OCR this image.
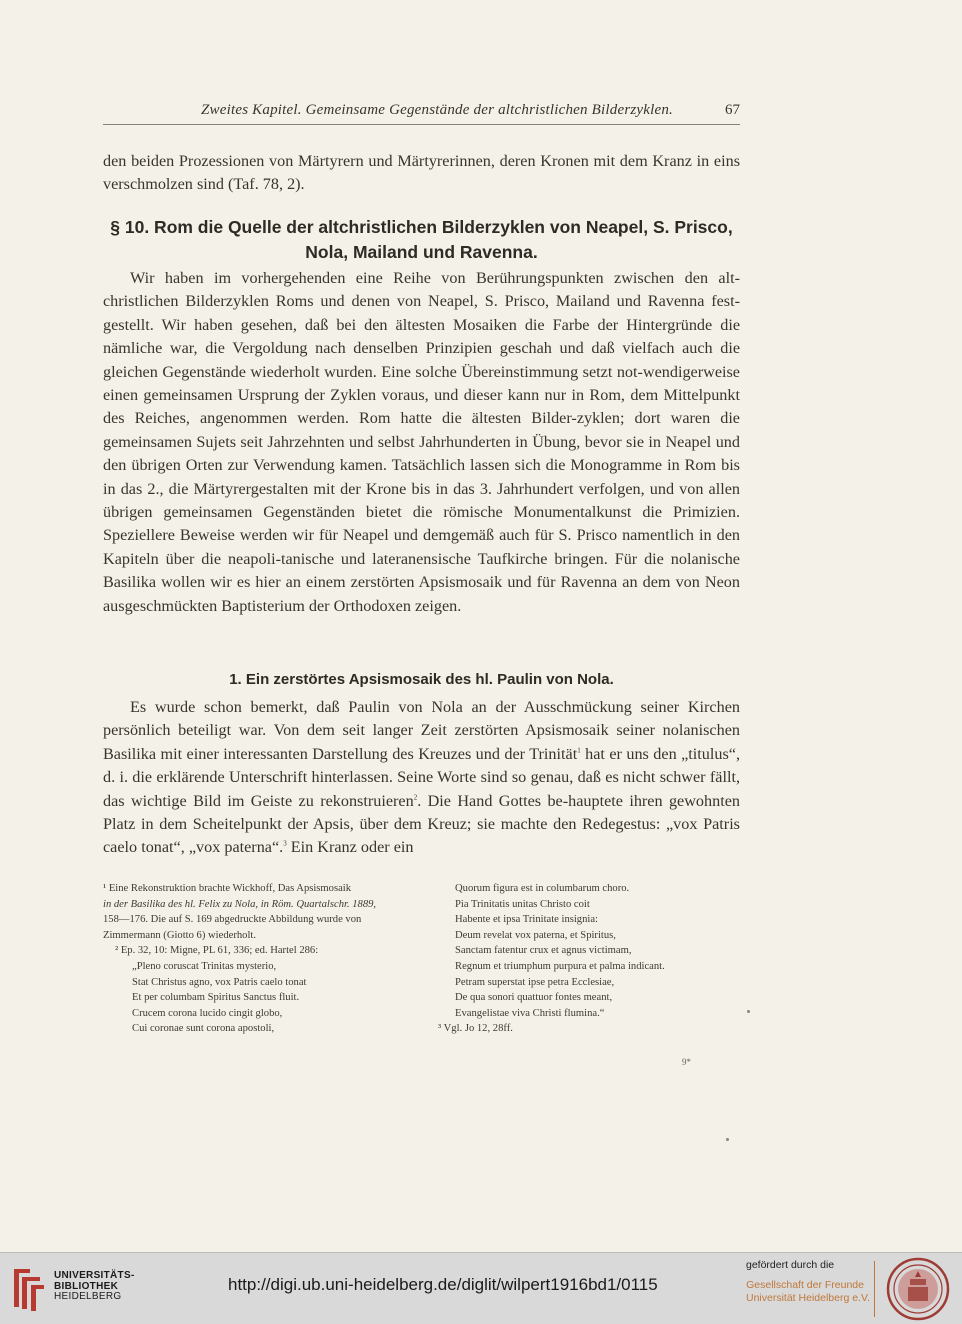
Zweites Kapitel. Gemeinsame Gegenstände der altchristlichen Bilderzyklen.	67

den beiden Prozessionen von Märtyrern und Märtyrerinnen, deren Kronen mit dem Kranz in eins verschmolzen sind (Taf. 78, 2).

§ 10. Rom die Quelle der altchristlichen Bilderzyklen von Neapel, S. Prisco,
Nola, Mailand und Ravenna.

Wir haben im vorhergehenden eine Reihe von Berührungspunkten zwischen den alt-christlichen Bilderzyklen Roms und denen von Neapel, S. Prisco, Mailand und Ravenna fest-gestellt. Wir haben gesehen, daß bei den ältesten Mosaiken die Farbe der Hintergründe die nämliche war, die Vergoldung nach denselben Prinzipien geschah und daß vielfach auch die gleichen Gegenstände wiederholt wurden. Eine solche Übereinstimmung setzt not-wendigerweise einen gemeinsamen Ursprung der Zyklen voraus, und dieser kann nur in Rom, dem Mittelpunkt des Reiches, angenommen werden. Rom hatte die ältesten Bilder-zyklen; dort waren die gemeinsamen Sujets seit Jahrzehnten und selbst Jahrhunderten in Übung, bevor sie in Neapel und den übrigen Orten zur Verwendung kamen. Tatsächlich lassen sich die Monogramme in Rom bis in das 2., die Märtyrergestalten mit der Krone bis in das 3. Jahrhundert verfolgen, und von allen übrigen gemeinsamen Gegenständen bietet die römische Monumentalkunst die Primizien. Speziellere Beweise werden wir für Neapel und demgemäß auch für S. Prisco namentlich in den Kapiteln über die neapoli-tanische und lateranensische Taufkirche bringen. Für die nolanische Basilika wollen wir es hier an einem zerstörten Apsismosaik und für Ravenna an dem von Neon ausgeschmückten Baptisterium der Orthodoxen zeigen.

1. Ein zerstörtes Apsismosaik des hl. Paulin von Nola.

Es wurde schon bemerkt, daß Paulin von Nola an der Ausschmückung seiner Kirchen persönlich beteiligt war. Von dem seit langer Zeit zerstörten Apsismosaik seiner nolanischen Basilika mit einer interessanten Darstellung des Kreuzes und der Trinität$^1$ hat er uns den „titulus“, d. i. die erklärende Unterschrift hinterlassen. Seine Worte sind so genau, daß es nicht schwer fällt, das wichtige Bild im Geiste zu rekonstruieren$^2$. Die Hand Gottes be-hauptete ihren gewohnten Platz in dem Scheitelpunkt der Apsis, über dem Kreuz; sie machte den Redegestus: „vox Patris caelo tonat“, „vox paterna“.$^3$ Ein Kranz oder ein

¹ Eine Rekonstruktion brachte Wickhoff, Das Apsismosaik
in der Basilika des hl. Felix zu Nola, in Röm. Quartalschr. 1889,
158—176. Die auf S. 169 abgedruckte Abbildung wurde von
Zimmermann (Giotto 6) wiederholt.
² Ep. 32, 10: Migne, PL 61, 336; ed. Hartel 286:
„Pleno coruscat Trinitas mysterio,
Stat Christus agno, vox Patris caelo tonat
Et per columbam Spiritus Sanctus fluit.
Crucem corona lucido cingit globo,
Cui coronae sunt corona apostoli,
Quorum figura est in columbarum choro.
Pia Trinitatis unitas Christo coit
Habente et ipsa Trinitate insignia:
Deum revelat vox paterna, et Spiritus,
Sanctam fatentur crux et agnus victimam,
Regnum et triumphum purpura et palma indicant.
Petram superstat ipse petra Ecclesiae,
De qua sonori quattuor fontes meant,
Evangelistae viva Christi flumina.“
³ Vgl. Jo 12, 28ff.
9*
UNIVERSITÄTS-
BIBLIOTHEK
HEIDELBERG
http://digi.ub.uni-heidelberg.de/diglit/wilpert1916bd1/0115
gefördert durch die
Gesellschaft der Freunde
Universität Heidelberg e.V.
